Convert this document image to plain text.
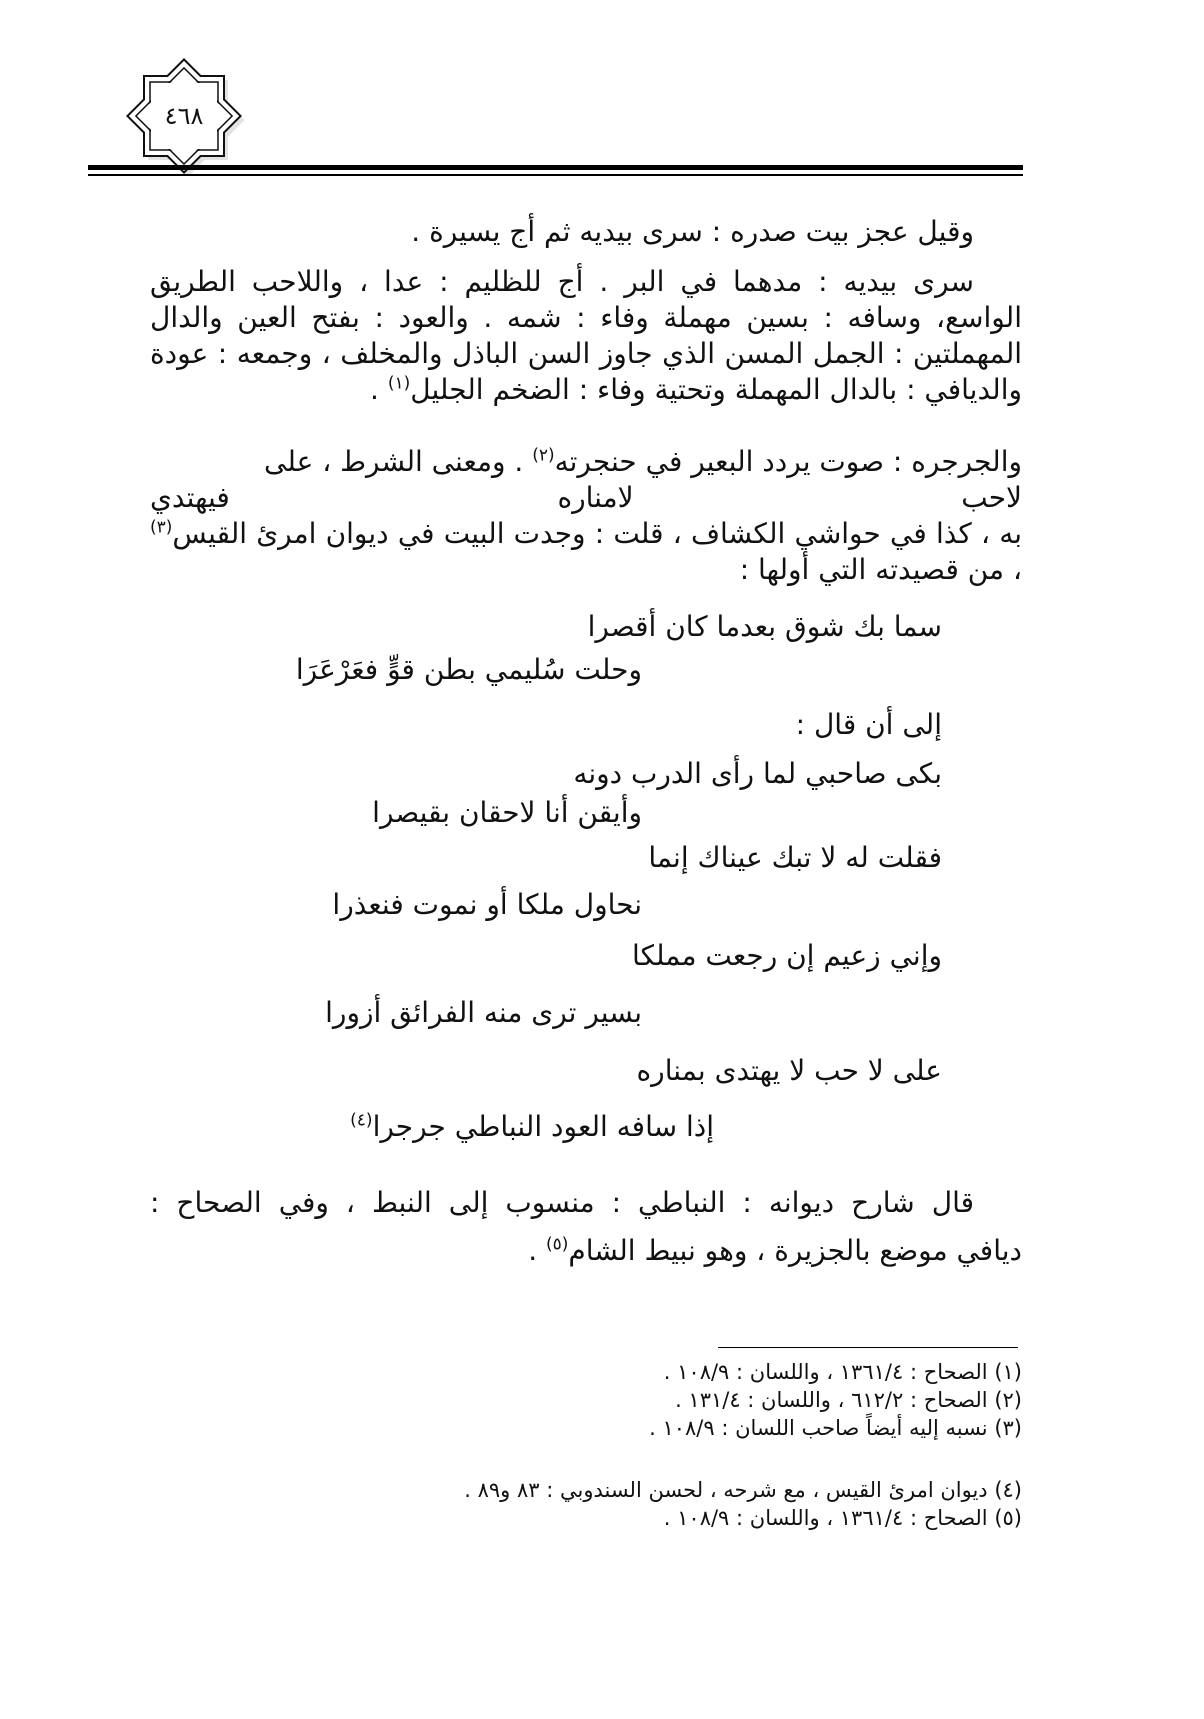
٤٦٨

وقيل عجز بيت صدره : سرى بيديه ثم أج يسيرة .

سرى بيديه : مدهما في البر . أج للظليم : عدا ، واللاحب الطريق الواسع، وسافه : بسين مهملة وفاء : شمه . والعود : بفتح العين والدال المهملتين : الجمل المسن الذي جاوز السن الباذل والمخلف ، وجمعه : عودة والديافي : بالدال المهملة وتحتية وفاء : الضخم الجليل$^{(١)}$ .

والجرجره : صوت يردد البعير في حنجرته$^{(٢)}$ . ومعنى الشرط ، على

لاحب لامناره فيهتدي

به ، كذا في حواشي الكشاف ، قلت : وجدت البيت في ديوان امرئ القيس$^{(٣)}$ ، من قصيدته التي أولها :

سما بك شوق بعدما كان أقصرا

وحلت سُليمي بطن قوٍّ فعَرْعَرَا

إلى أن قال :

بكى صاحبي لما رأى الدرب دونه

وأيقن أنا لاحقان بقيصرا

فقلت له لا تبك عيناك إنما

نحاول ملكا أو نموت فنعذرا

وإني زعيم إن رجعت مملكا

بسير ترى منه الفرائق أزورا

على لا حب لا يهتدى بمناره

إذا سافه العود النباطي جرجرا$^{(٤)}$

قال شارح ديوانه : النباطي : منسوب إلى النبط ، وفي الصحاح :

ديافي موضع بالجزيرة ، وهو نبيط الشام$^{(٥)}$ .

(١) الصحاح : ١٣٦١/٤ ، واللسان : ١٠٨/٩ .

(٢) الصحاح : ٦١٢/٢ ، واللسان : ١٣١/٤ .

(٣) نسبه إليه أيضاً صاحب اللسان : ١٠٨/٩ .

(٤) ديوان امرئ القيس ، مع شرحه ، لحسن السندوبي : ٨٣ و٨٩ .

(٥) الصحاح : ١٣٦١/٤ ، واللسان : ١٠٨/٩ .
